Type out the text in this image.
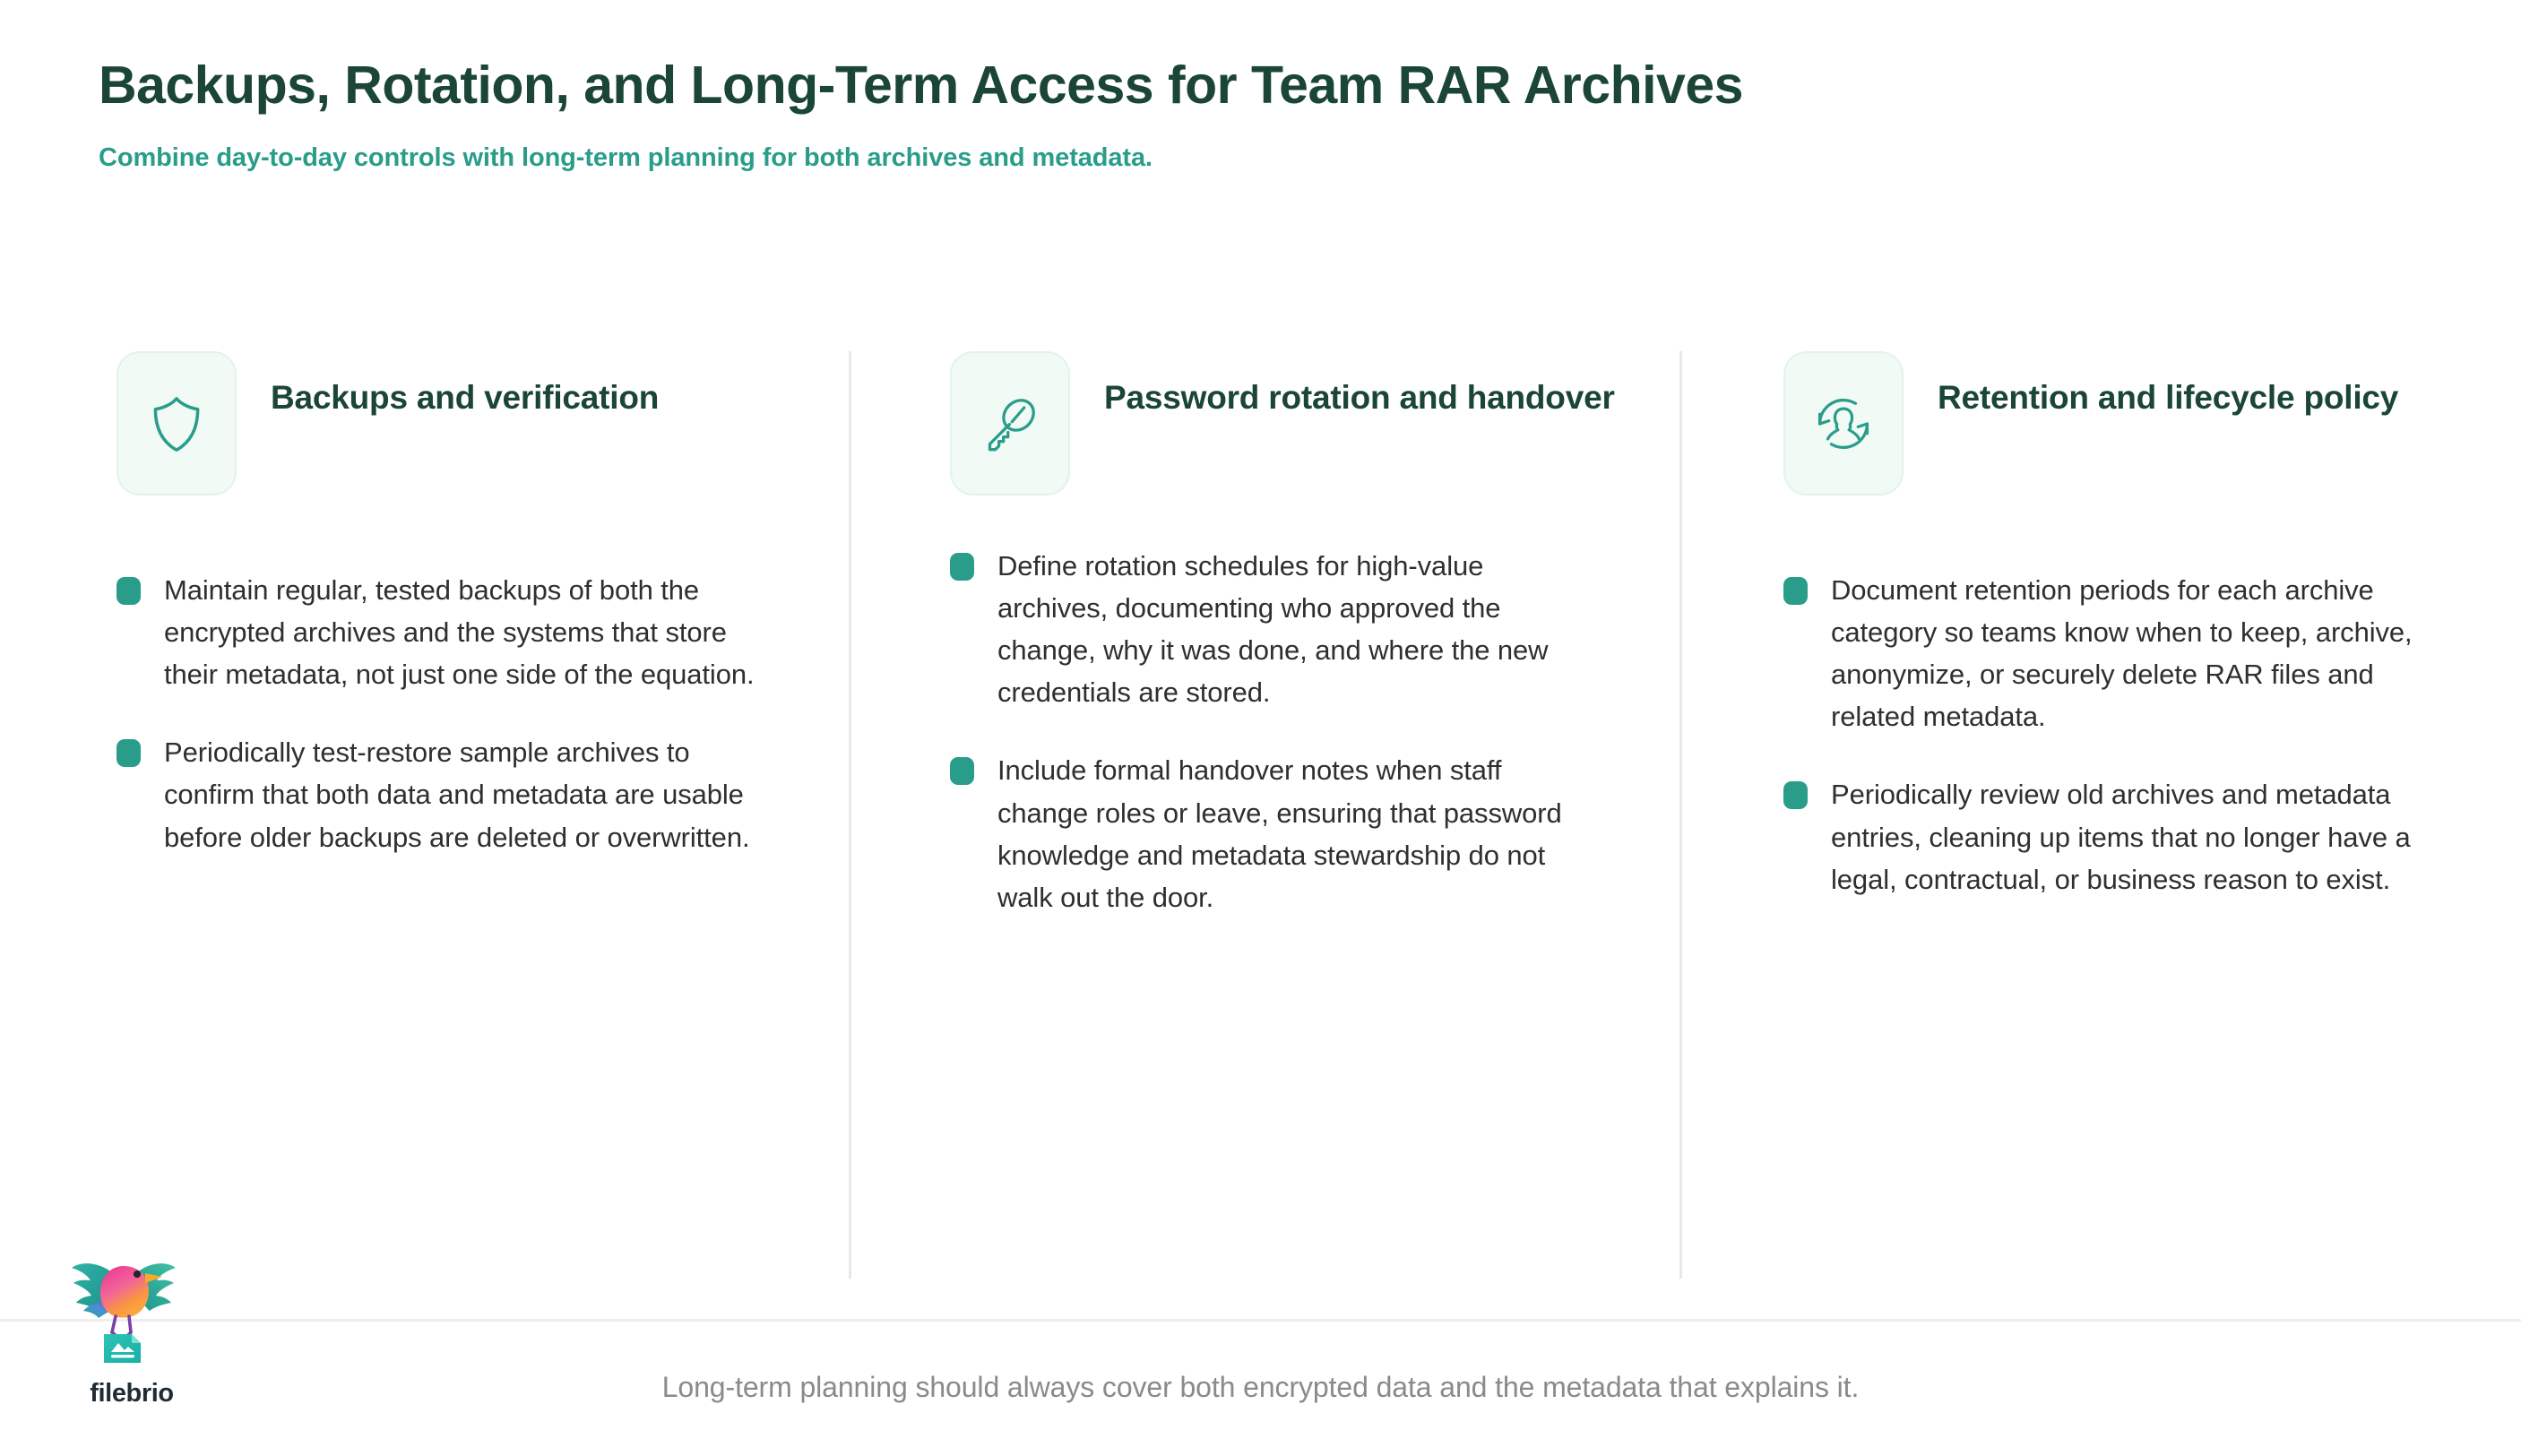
Backups, Rotation, and Long-Term Access for Team RAR Archives

Combine day-to-day controls with long-term planning for both archives and metadata.

Backups and verification
Maintain regular, tested backups of both the encrypted archives and the systems that store their metadata, not just one side of the equation.
Periodically test-restore sample archives to confirm that both data and metadata are usable before older backups are deleted or overwritten.
Password rotation and handover
Define rotation schedules for high-value archives, documenting who approved the change, why it was done, and where the new credentials are stored.
Include formal handover notes when staff change roles or leave, ensuring that password knowledge and metadata stewardship do not walk out the door.
Retention and lifecycle policy
Document retention periods for each archive category so teams know when to keep, archive, anonymize, or securely delete RAR files and related metadata.
Periodically review old archives and metadata entries, cleaning up items that no longer have a legal, contractual, or business reason to exist.
filebrio	Long-term planning should always cover both encrypted data and the metadata that explains it.
